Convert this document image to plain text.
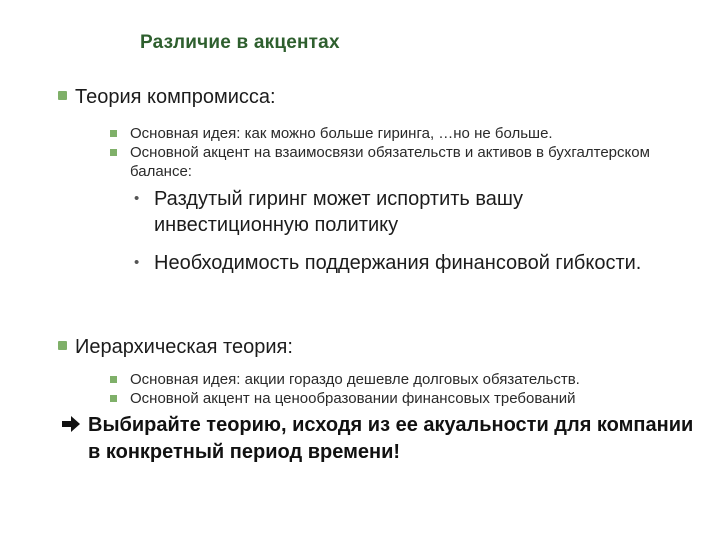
Различие в акцентах
Теория компромисса:
Основная идея: как можно больше гиринга, …но не больше.
Основной акцент на взаимосвязи обязательств и активов в бухгалтерском балансе:
• Раздутый гиринг может испортить вашу инвестиционную политику
• Необходимость поддержания финансовой гибкости.
Иерархическая теория:
Основная идея: акции гораздо дешевле долговых обязательств.
Основной акцент на ценообразовании финансовых требований
Выбирайте теорию, исходя из ее акуальности для компании в конкретный период времени!
